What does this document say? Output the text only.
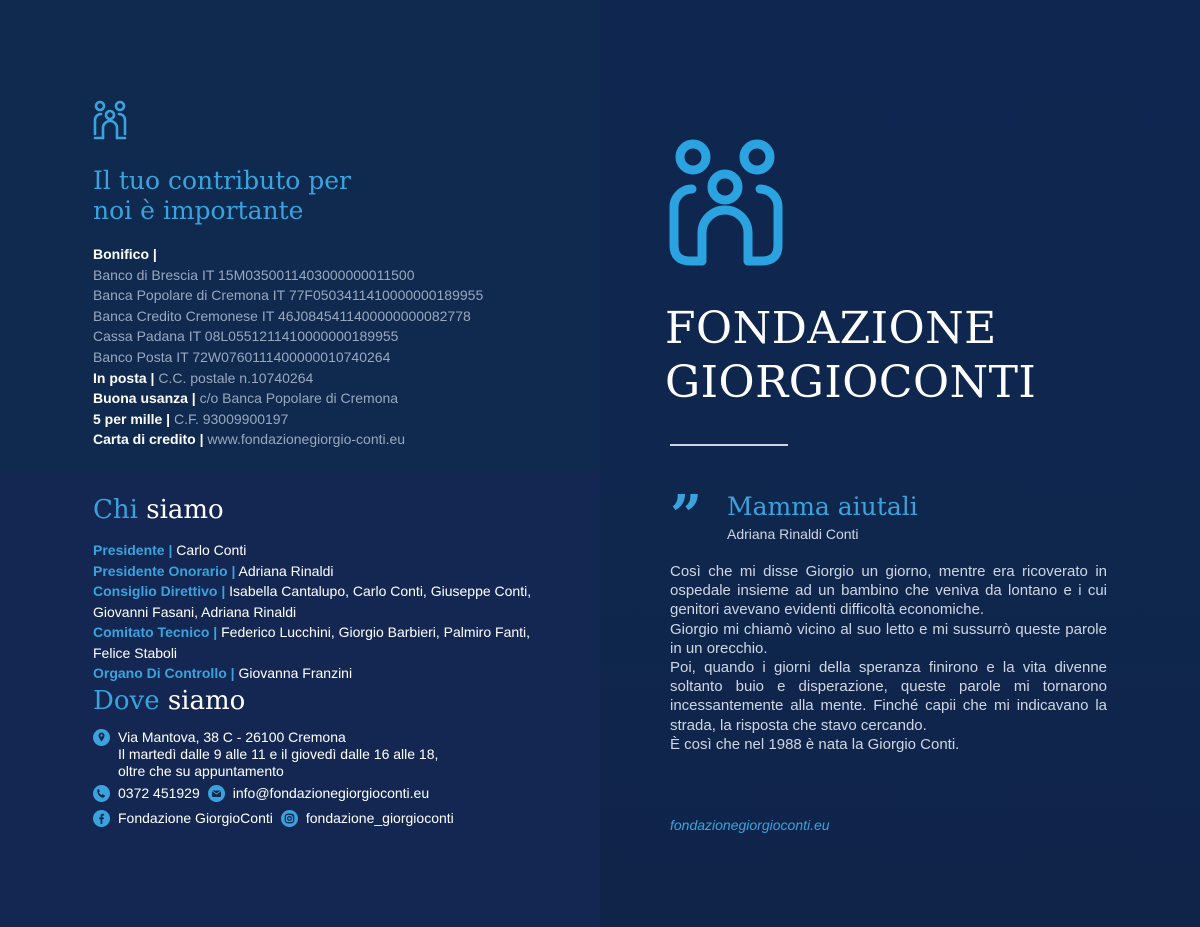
Il tuo contributo per
noi è importante
Bonifico |
Banco di Brescia IT 15M0350011403000000011500
Banca Popolare di Cremona IT 77F0503411410000000189955
Banca Credito Cremonese IT 46J0845411400000000082778
Cassa Padana IT 08L0551211410000000189955
Banco Posta IT 72W0760111400000010740264
In posta | C.C. postale n.10740264
Buona usanza | c/o Banca Popolare di Cremona
5 per mille | C.F. 93009900197
Carta di credito | www.fondazionegiorgio-conti.eu
Chi siamo
Presidente | Carlo Conti
Presidente Onorario | Adriana Rinaldi
Consiglio Direttivo | Isabella Cantalupo, Carlo Conti, Giuseppe Conti, Giovanni Fasani, Adriana Rinaldi
Comitato Tecnico | Federico Lucchini, Giorgio Barbieri, Palmiro Fanti, Felice Staboli
Organo Di Controllo | Giovanna Franzini
Dove siamo
Via Mantova, 38 C - 26100 Cremona
Il martedì dalle 9 alle 11 e il giovedì dalle 16 alle 18,
oltre che su appuntamento
0372 451929 info@fondazionegiorgioconti.eu
Fondazione GiorgioConti fondazione_giorgioconti
FONDAZIONE
GIORGIOCONTI
” Mamma aiutali
Adriana Rinaldi Conti

Così che mi disse Giorgio un giorno, mentre era ricoverato in ospedale insieme ad un bambino che veniva da lontano e i cui genitori avevano evidenti difficoltà economiche.

Giorgio mi chiamò vicino al suo letto e mi sussurrò queste parole in un orecchio.

Poi, quando i giorni della speranza finirono e la vita divenne soltanto buio e disperazione, queste parole mi tornarono incessantemente alla mente. Finché capii che mi indicavano la strada, la risposta che stavo cercando.

È così che nel 1988 è nata la Giorgio Conti.

fondazionegiorgioconti.eu
